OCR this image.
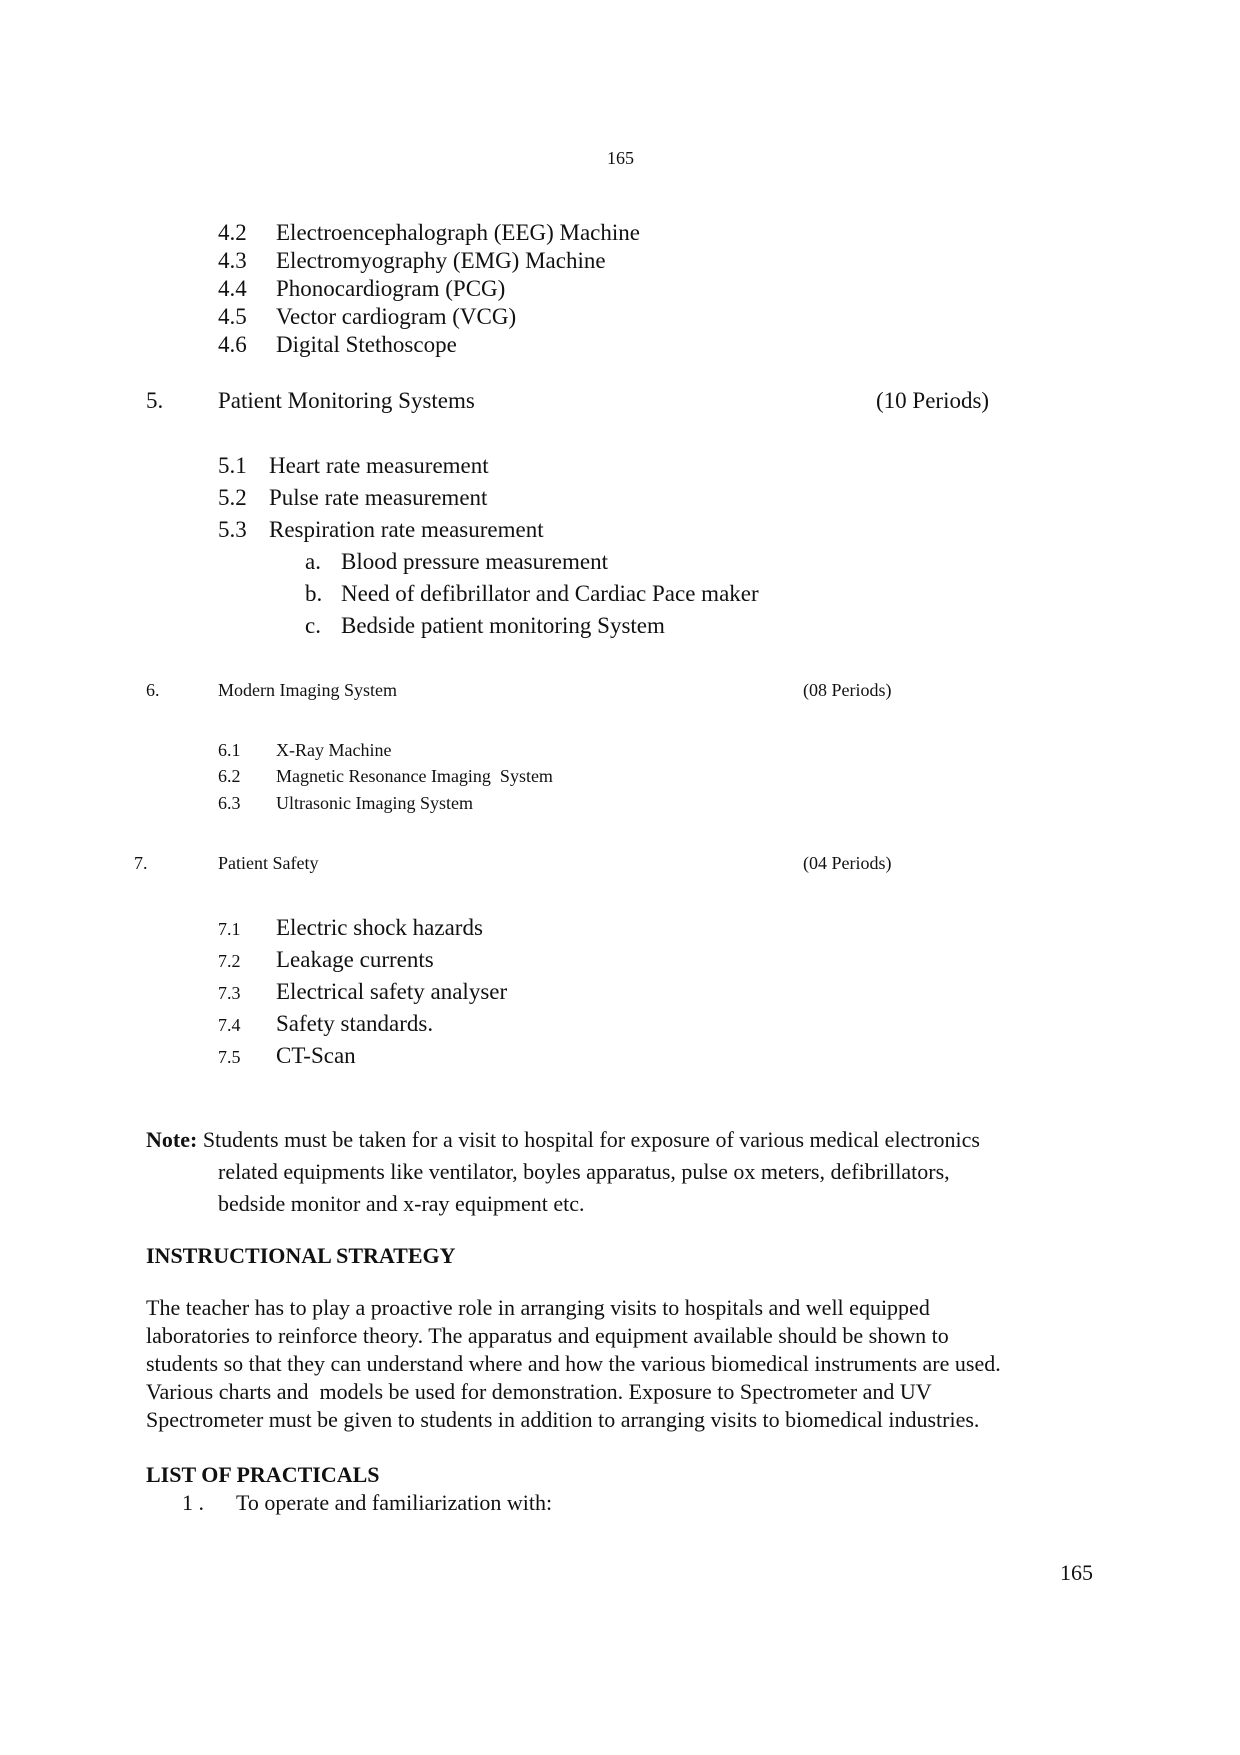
165
4.2 Electroencephalograph (EEG) Machine
4.3 Electromyography (EMG) Machine
4.4 Phonocardiogram (PCG)
4.5 Vector cardiogram (VCG)
4.6 Digital Stethoscope
5. Patient Monitoring Systems	(10 Periods)
5.1 Heart rate measurement
5.2 Pulse rate measurement
5.3 Respiration rate measurement
a. Blood pressure measurement
b. Need of defibrillator and Cardiac Pace maker
c. Bedside patient monitoring System
6.	Modern Imaging System	(08 Periods)
6.1 X-Ray Machine
6.2 Magnetic Resonance Imaging  System
6.3 Ultrasonic Imaging System
7.	Patient Safety	(04 Periods)
7.1 Electric shock hazards
7.2 Leakage currents
7.3 Electrical safety analyser
7.4 Safety standards.
7.5 CT-Scan
Note: Students must be taken for a visit to hospital for exposure of various medical electronics
related equipments like ventilator, boyles apparatus, pulse ox meters, defibrillators,
bedside monitor and x-ray equipment etc.
INSTRUCTIONAL STRATEGY
The teacher has to play a proactive role in arranging visits to hospitals and well equipped
laboratories to reinforce theory. The apparatus and equipment available should be shown to
students so that they can understand where and how the various biomedical instruments are used.
Various charts and  models be used for demonstration. Exposure to Spectrometer and UV
Spectrometer must be given to students in addition to arranging visits to biomedical industries.
LIST OF PRACTICALS
1 . To operate and familiarization with:
165
